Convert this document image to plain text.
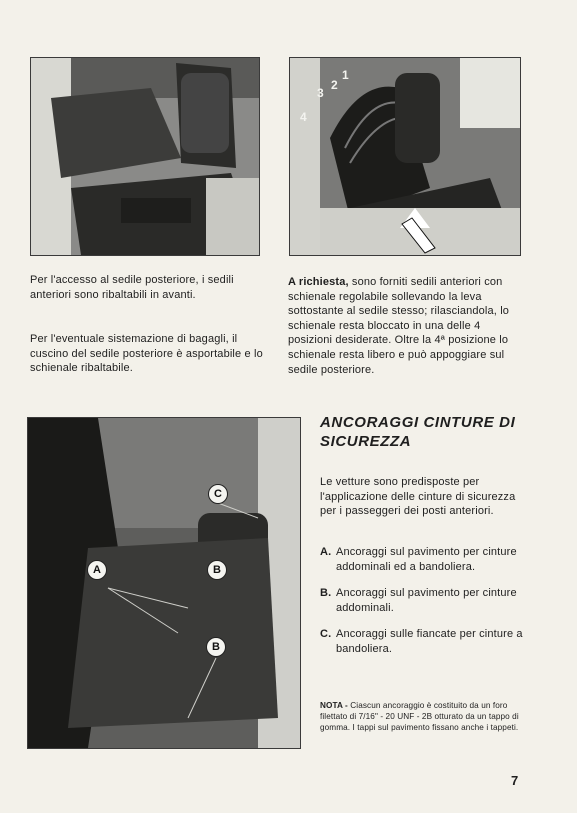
3
2
1
4

Per l'accesso al sedile posteriore, i sedili anteriori sono ribaltabili in avanti.

Per l'eventuale sistemazione di bagagli, il cuscino del sedile posteriore è asportabile e lo schienale ribaltabile.

A richiesta, sono forniti sedili anteriori con schienale regolabile sollevando la leva sottostante al sedile stesso; rilasciandola, lo schienale resta bloccato in una delle 4 posizioni desiderate. Oltre la 4ª posizione lo schienale resta libero e può appoggiare sul sedile posteriore.

A	B
C
B
ANCORAGGI CINTURE DI SICUREZZA

Le vetture sono predisposte per l'applicazione delle cinture di sicurezza per i passeggeri dei posti anteriori.

A. Ancoraggi sul pavimento per cinture addominali ed a bandoliera.
B. Ancoraggi sul pavimento per cinture addominali.
C. Ancoraggi sulle fiancate per cinture a bandoliera.

NOTA - Ciascun ancoraggio è costituito da un foro filettato di 7/16" - 20 UNF - 2B otturato da un tappo di gomma. I tappi sul pavimento fissano anche i tappeti.

7
